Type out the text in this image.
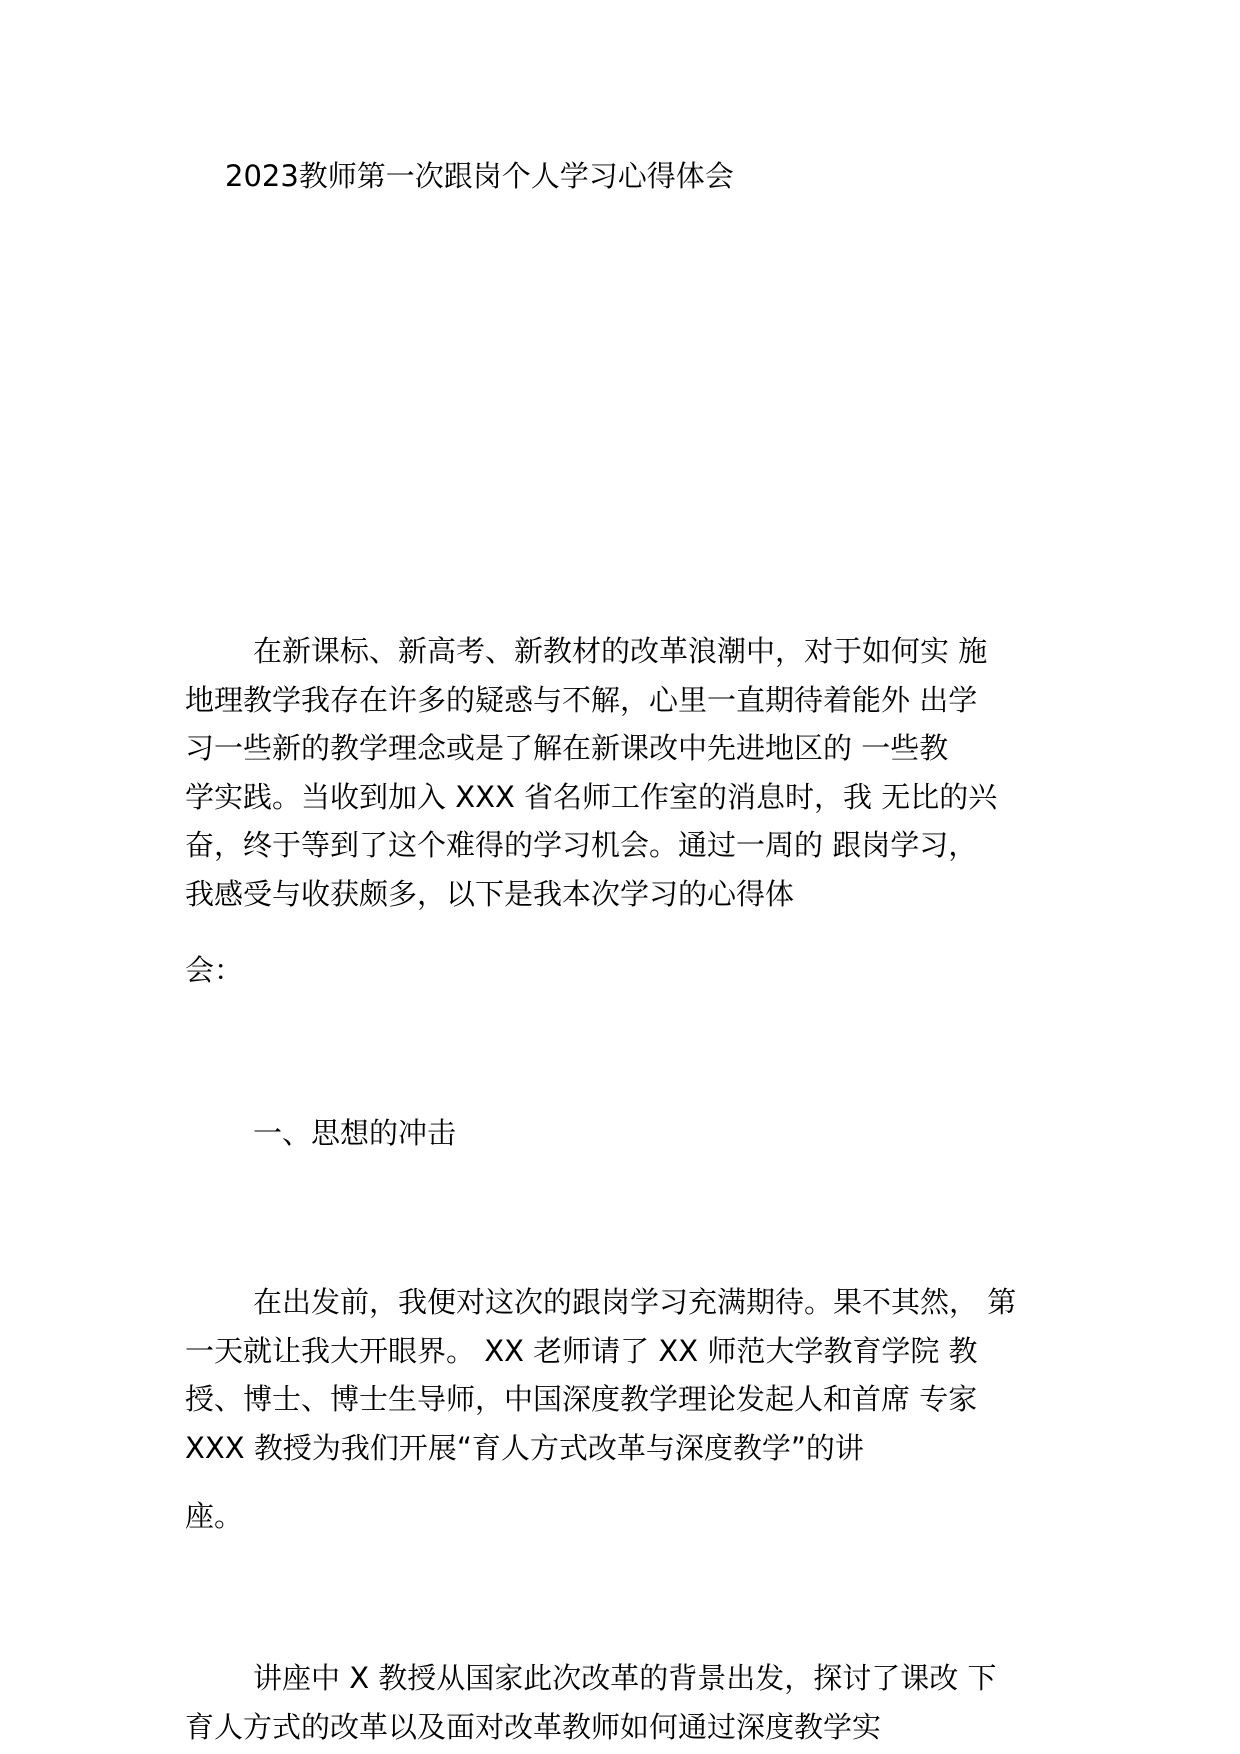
2023教师第一次跟岗个人学习心得体会
在新课标、新高考、新教材的改革浪潮中，对于如何实 施
地理教学我存在许多的疑惑与不解，心里一直期待着能外 出学
习一些新的教学理念或是了解在新课改中先进地区的 一些教
学实践。当收到加入 XXX 省名师工作室的消息时，我 无比的兴
奋，终于等到了这个难得的学习机会。通过一周的 跟岗学习，
我感受与收获颇多，以下是我本次学习的心得体
会：
一、思想的冲击
在出发前，我便对这次的跟岗学习充满期待。果不其然， 第
一天就让我大开眼界。 XX 老师请了 XX 师范大学教育学院 教
授、博士、博士生导师，中国深度教学理论发起人和首席 专家
XXX 教授为我们开展“育人方式改革与深度教学”的讲
座。
讲座中 X 教授从国家此次改革的背景出发，探讨了课改 下
育人方式的改革以及面对改革教师如何通过深度教学实
